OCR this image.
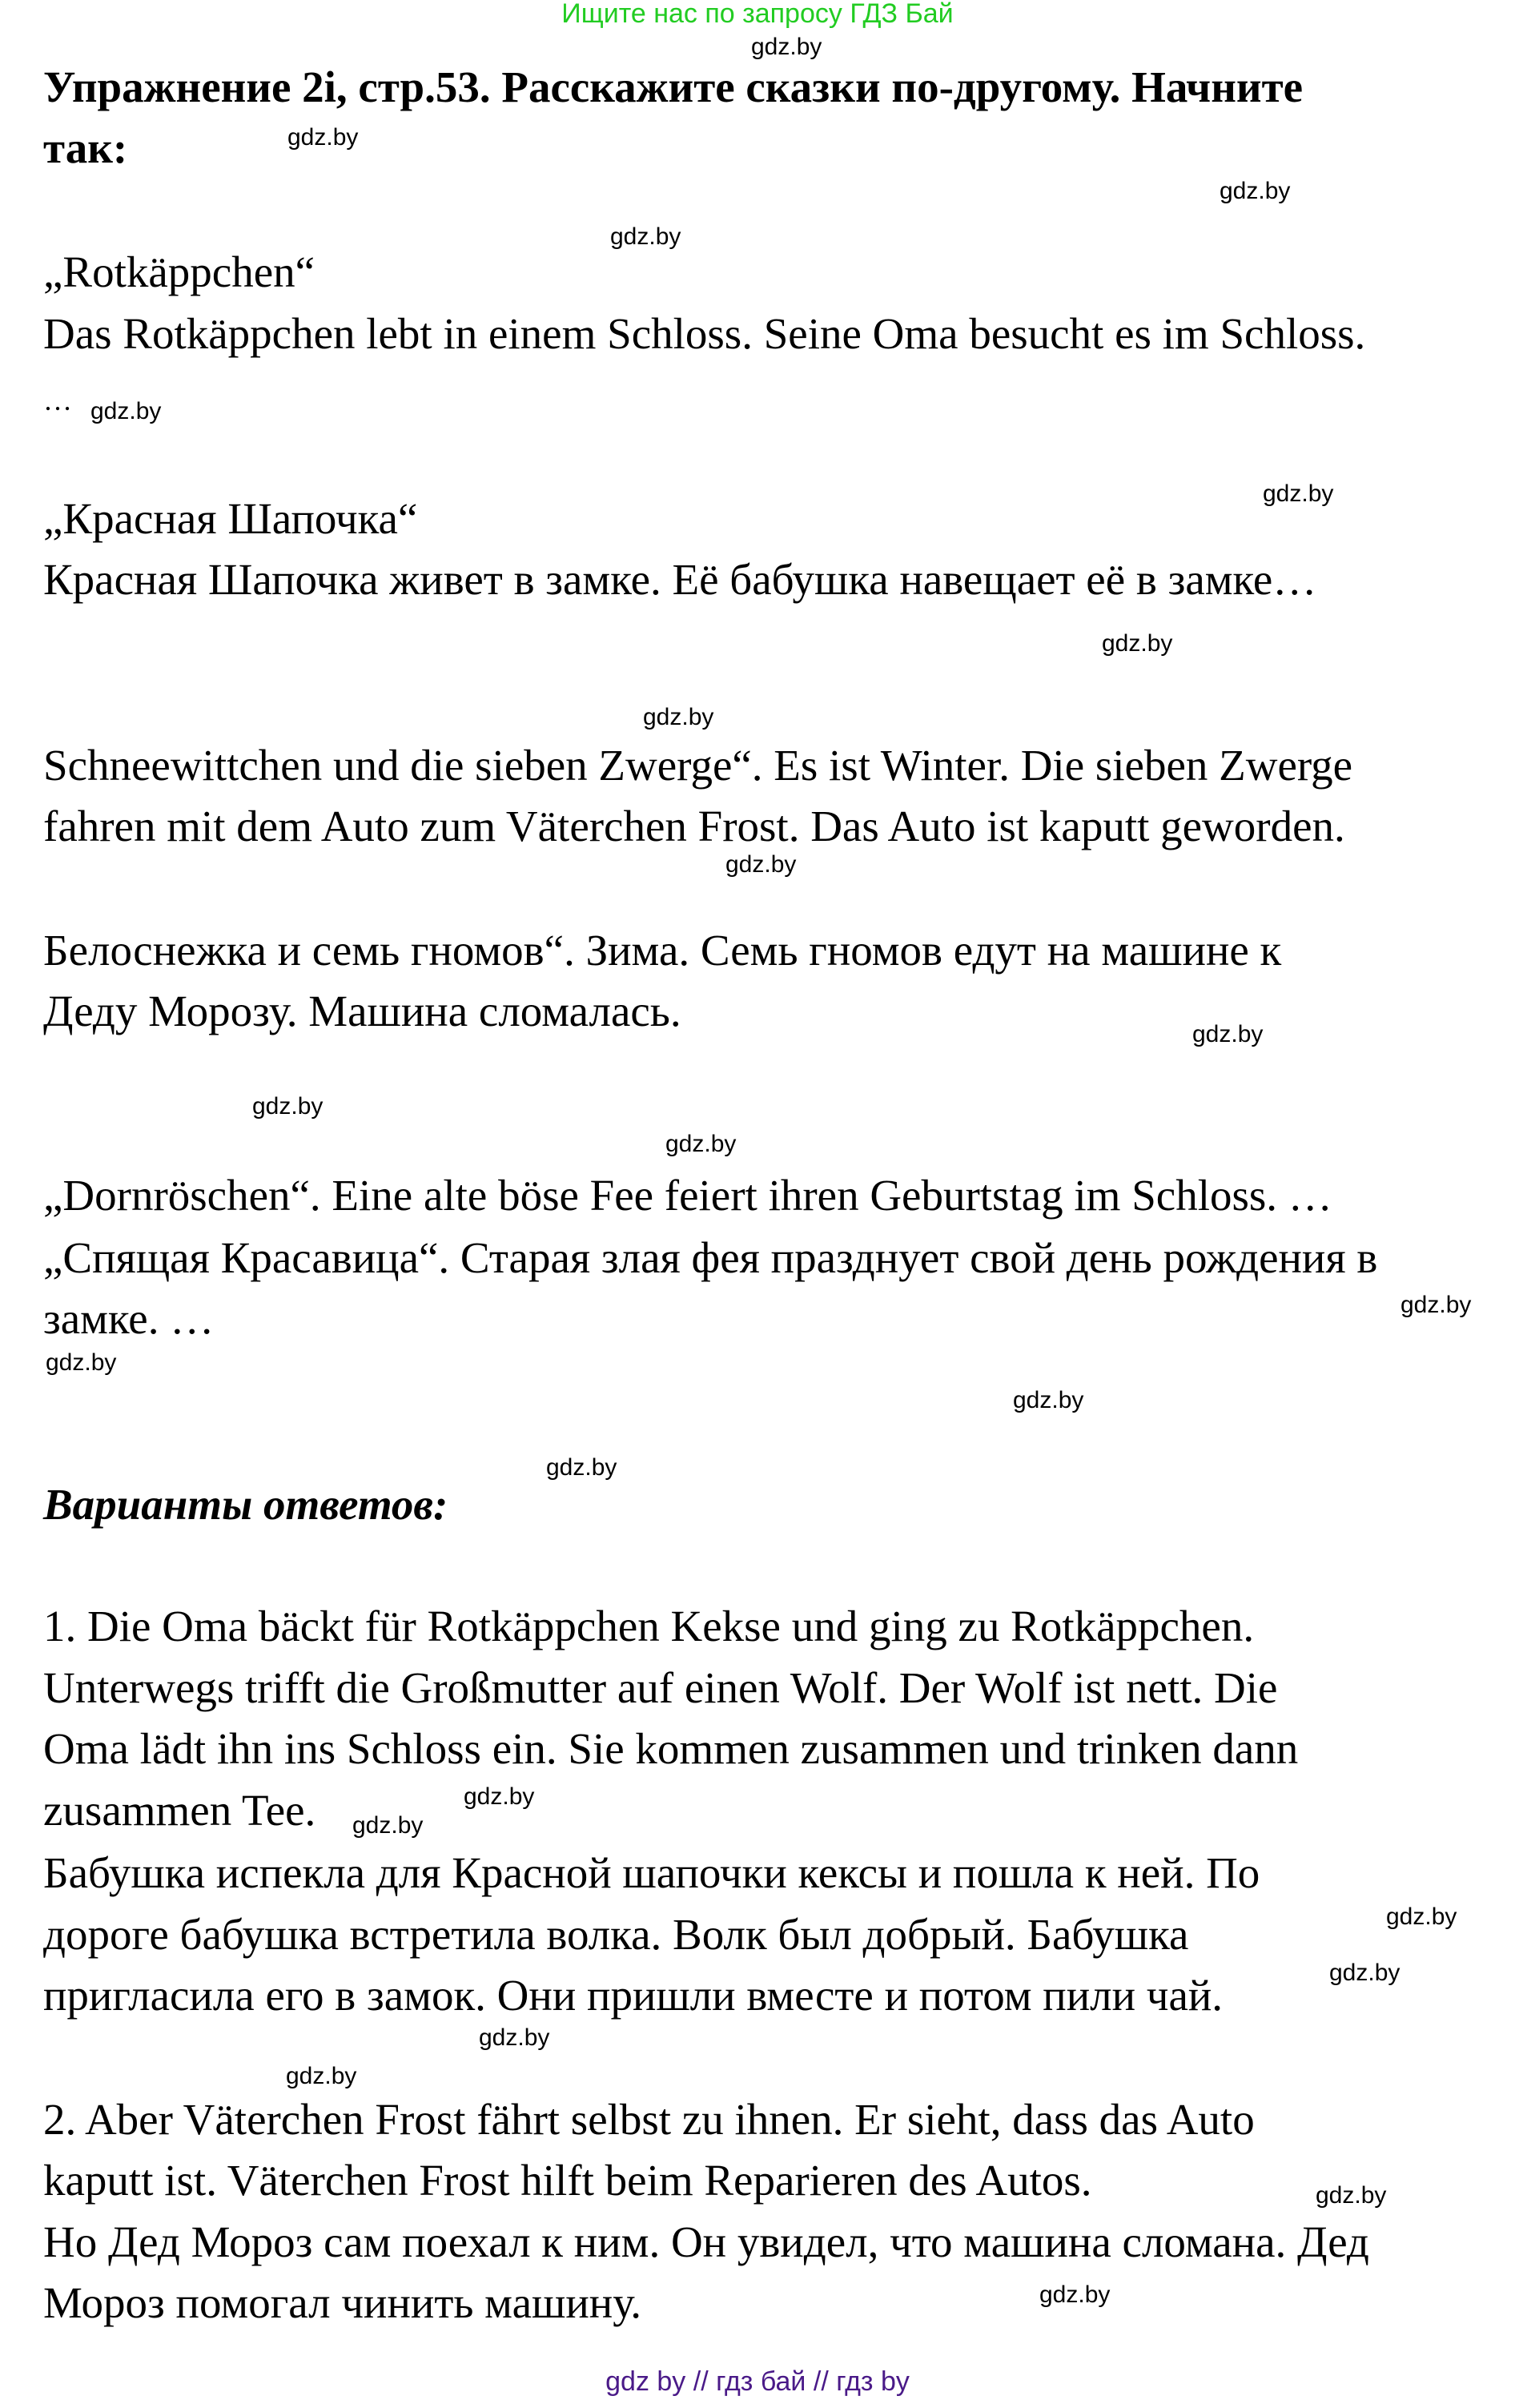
Ищите нас по запросу ГДЗ Бай
Упражнение 2i, стр.53. Расскажите сказки по-другому. Начните
так:
„Rotkäppchen“
Das Rotkäppchen lebt in einem Schloss. Seine Oma besucht es im Schloss.
…
„Красная Шапочка“
Красная Шапочка живет в замке. Её бабушка навещает её в замке…
Schneewittchen und die sieben Zwerge“. Es ist Winter. Die sieben Zwerge
fahren mit dem Auto zum Väterchen Frost. Das Auto ist kaputt geworden.
Белоснежка и семь гномов“. Зима. Семь гномов едут на машине к
Деду Морозу. Машина сломалась.
„Dornröschen“. Eine alte böse Fee feiert ihren Geburtstag im Schloss. …
„Спящая Красавица“. Старая злая фея празднует свой день рождения в
замке. …
Варианты ответов:
1. Die Oma bäckt für Rotkäppchen Kekse und ging zu Rotkäppchen.
Unterwegs trifft die Großmutter auf einen Wolf. Der Wolf ist nett. Die
Oma lädt ihn ins Schloss ein. Sie kommen zusammen und trinken dann
zusammen Tee.
Бабушка испекла для Красной шапочки кексы и пошла к ней. По
дороге бабушка встретила волка. Волк был добрый. Бабушка
пригласила его в замок. Они пришли вместе и потом пили чай.
2. Aber Väterchen Frost fährt selbst zu ihnen. Er sieht, dass das Auto
kaputt ist. Väterchen Frost hilft beim Reparieren des Autos.
Но Дед Мороз сам поехал к ним. Он увидел, что машина сломана. Дед
Мороз помогал чинить машину.
gdz.by
gdz.by
gdz.by
gdz.by
gdz.by
gdz.by
gdz.by
gdz.by
gdz.by
gdz.by
gdz.by
gdz.by
gdz.by
gdz.by
gdz.by
gdz.by
gdz.by
gdz.by
gdz.by
gdz.by
gdz.by
gdz.by
gdz.by
gdz.by
gdz by // гдз бай // гдз by
